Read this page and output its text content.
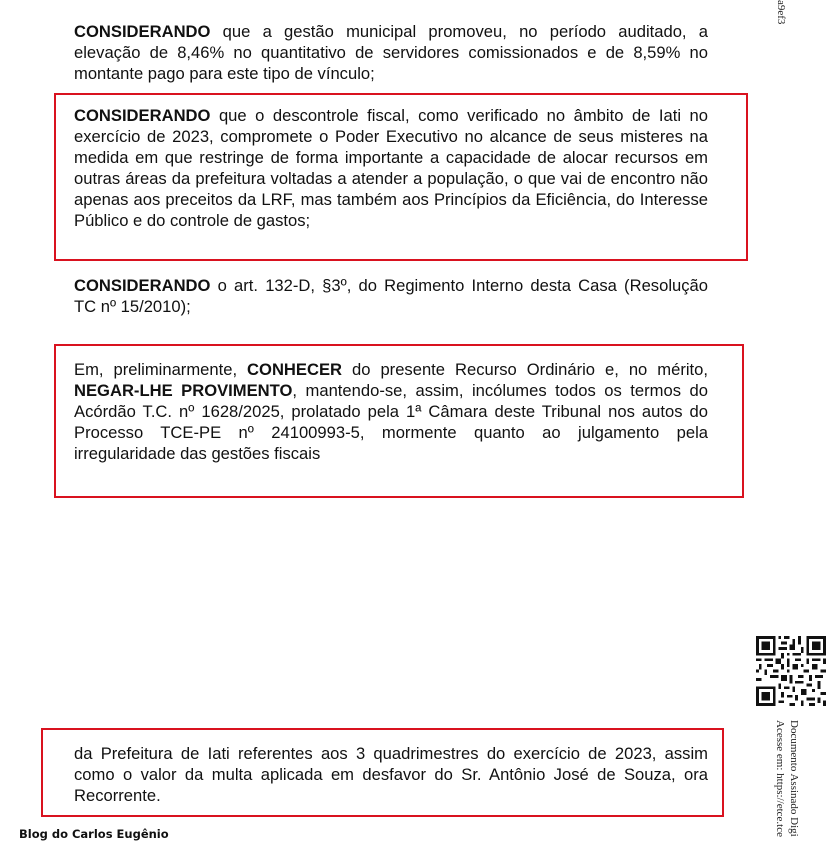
a9ef3
Documento Assinado Digi
Acesse em: https://etce.tce

CONSIDERANDO que a gestão municipal promoveu, no período auditado, a elevação de 8,46% no quantitativo de servidores comissionados e de 8,59% no montante pago para este tipo de vínculo;

CONSIDERANDO que o descontrole fiscal, como verificado no âmbito de Iati no exercício de 2023, compromete o Poder Executivo no alcance de seus misteres na medida em que restringe de forma importante a capacidade de alocar recursos em outras áreas da prefeitura voltadas a atender a população, o que vai de encontro não apenas aos preceitos da LRF, mas também aos Princípios da Eficiência, do Interesse Público e do controle de gastos;

CONSIDERANDO o art. 132-D, §3º, do Regimento Interno desta Casa (Resolução TC nº 15/2010);

Em, preliminarmente, CONHECER do presente Recurso Ordinário e, no mérito, NEGAR-LHE PROVIMENTO, mantendo-se, assim, incólumes todos os termos do Acórdão T.C. nº 1628/2025, prolatado pela 1ª Câmara deste Tribunal nos autos do Processo TCE-PE nº 24100993-5, mormente quanto ao julgamento pela irregularidade das gestões fiscais

da Prefeitura de Iati referentes aos 3 quadrimestres do exercício de 2023, assim como o valor da multa aplicada em desfavor do Sr. Antônio José de Souza, ora Recorrente.

Blog do Carlos Eugênio
